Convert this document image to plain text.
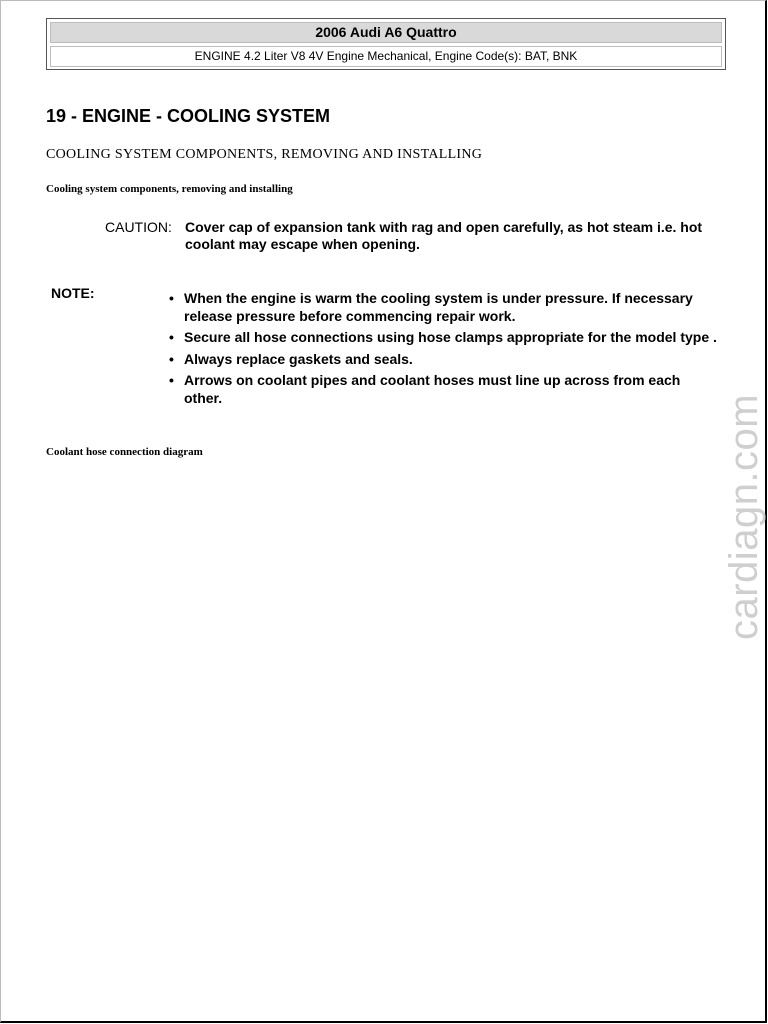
2006 Audi A6 Quattro
ENGINE 4.2 Liter V8 4V Engine Mechanical, Engine Code(s): BAT, BNK
19 - ENGINE - COOLING SYSTEM
COOLING SYSTEM COMPONENTS, REMOVING AND INSTALLING
Cooling system components, removing and installing
CAUTION: Cover cap of expansion tank with rag and open carefully, as hot steam i.e. hot coolant may escape when opening.
NOTE:
•	When the engine is warm the cooling system is under pressure. If necessary release pressure before commencing repair work.
• Secure all hose connections using hose clamps appropriate for the model type .
• Always replace gaskets and seals.
• Arrows on coolant pipes and coolant hoses must line up across from each other.
Coolant hose connection diagram	cardiagn.com
